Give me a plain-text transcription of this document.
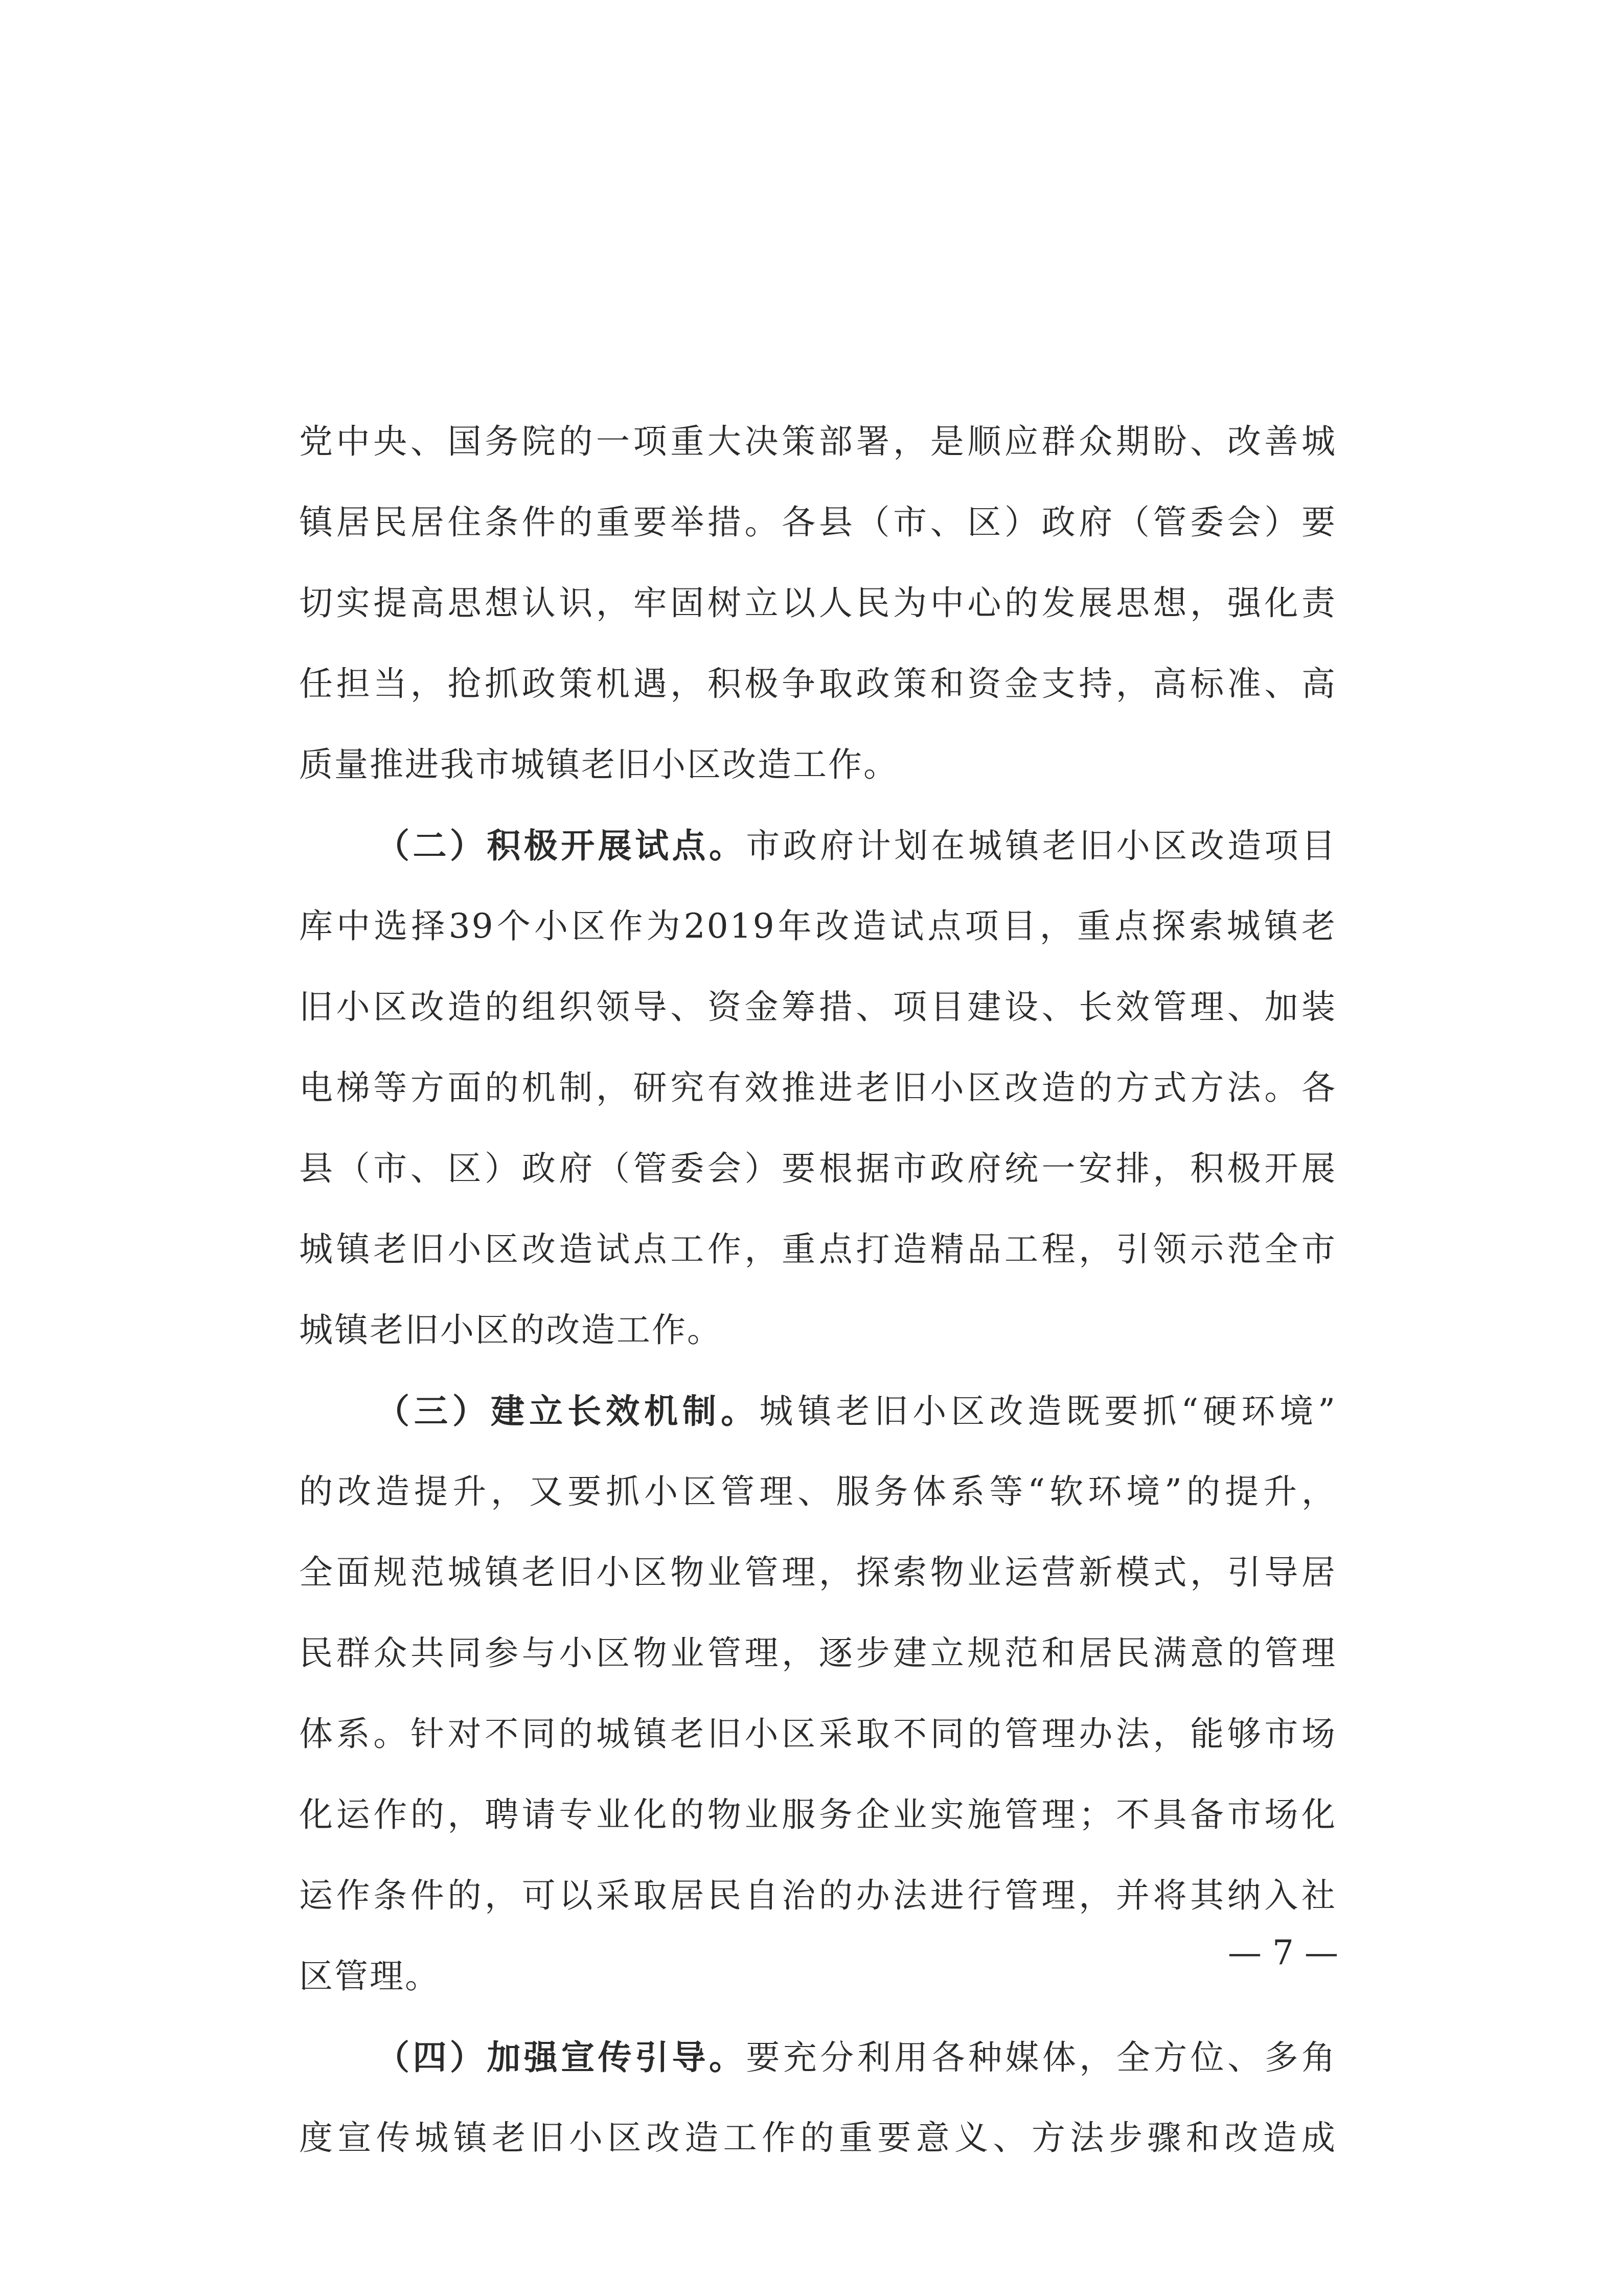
党中央、国务院的一项重大决策部署，是顺应群众期盼、改善城
镇居民居住条件的重要举措。各县（市、区）政府（管委会）要
切实提高思想认识，牢固树立以人民为中心的发展思想，强化责
任担当，抢抓政策机遇，积极争取政策和资金支持，高标准、高
质量推进我市城镇老旧小区改造工作。
（二）积极开展试点。市政府计划在城镇老旧小区改造项目
库中选择39个小区作为2019年改造试点项目，重点探索城镇老
旧小区改造的组织领导、资金筹措、项目建设、长效管理、加装
电梯等方面的机制，研究有效推进老旧小区改造的方式方法。各
县（市、区）政府（管委会）要根据市政府统一安排，积极开展
城镇老旧小区改造试点工作，重点打造精品工程，引领示范全市
城镇老旧小区的改造工作。
（三）建立长效机制。城镇老旧小区改造既要抓“硬环境”
的改造提升，又要抓小区管理、服务体系等“软环境”的提升，
全面规范城镇老旧小区物业管理，探索物业运营新模式，引导居
民群众共同参与小区物业管理，逐步建立规范和居民满意的管理
体系。针对不同的城镇老旧小区采取不同的管理办法，能够市场
化运作的，聘请专业化的物业服务企业实施管理；不具备市场化
运作条件的，可以采取居民自治的办法进行管理，并将其纳入社
区管理。
（四）加强宣传引导。要充分利用各种媒体，全方位、多角
度宣传城镇老旧小区改造工作的重要意义、方法步骤和改造成
— 7 —
